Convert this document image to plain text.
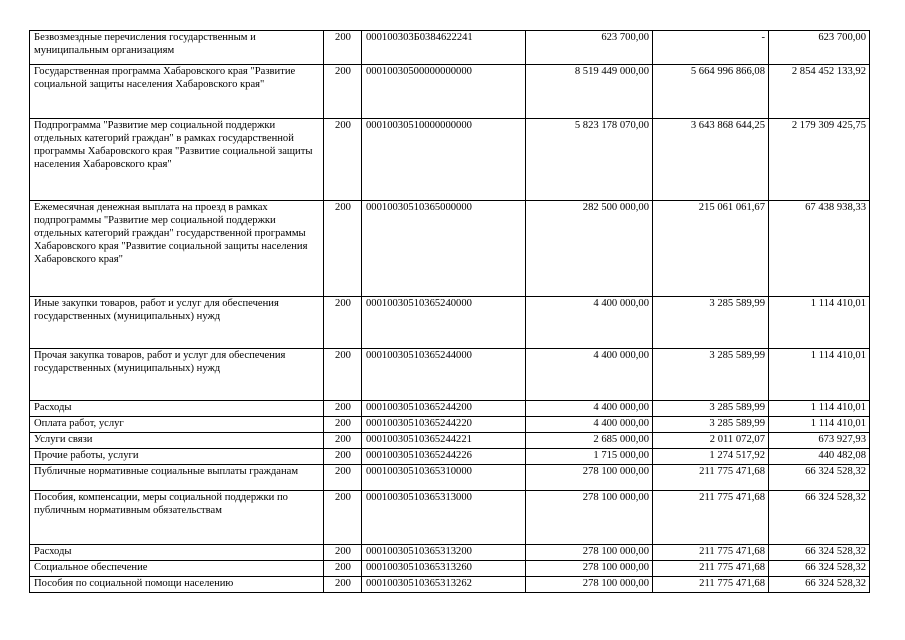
Безвозмездные перечисления государственным и муниципальным организациям	200	000100303Б0384622241	623 700,00	-	623 700,00
Государственная программа Хабаровского края "Развитие социальной защиты населения Хабаровского края"	200	00010030500000000000	8 519 449 000,00	5 664 996 866,08	2 854 452 133,92
Подпрограмма "Развитие мер социальной поддержки отдельных категорий граждан" в рамках государственной программы Хабаровского края "Развитие социальной защиты населения Хабаровского края"	200	00010030510000000000	5 823 178 070,00	3 643 868 644,25	2 179 309 425,75
Ежемесячная денежная выплата на проезд в рамках подпрограммы "Развитие мер социальной поддержки отдельных категорий граждан" государственной программы Хабаровского края "Развитие социальной защиты населения Хабаровского края"	200	00010030510365000000	282 500 000,00	215 061 061,67	67 438 938,33
Иные закупки товаров, работ и услуг для обеспечения государственных (муниципальных) нужд	200	00010030510365240000	4 400 000,00	3 285 589,99	1 114 410,01
Прочая закупка товаров, работ и услуг для обеспечения государственных (муниципальных) нужд	200	00010030510365244000	4 400 000,00	3 285 589,99	1 114 410,01
Расходы	200	00010030510365244200	4 400 000,00	3 285 589,99	1 114 410,01
Оплата работ, услуг	200	00010030510365244220	4 400 000,00	3 285 589,99	1 114 410,01
Услуги связи	200	00010030510365244221	2 685 000,00	2 011 072,07	673 927,93
Прочие работы, услуги	200	00010030510365244226	1 715 000,00	1 274 517,92	440 482,08
Публичные нормативные социальные выплаты гражданам	200	00010030510365310000	278 100 000,00	211 775 471,68	66 324 528,32
Пособия, компенсации, меры социальной поддержки по публичным нормативным обязательствам	200	00010030510365313000	278 100 000,00	211 775 471,68	66 324 528,32
Расходы	200	00010030510365313200	278 100 000,00	211 775 471,68	66 324 528,32
Социальное обеспечение	200	00010030510365313260	278 100 000,00	211 775 471,68	66 324 528,32
Пособия по социальной помощи населению	200	00010030510365313262	278 100 000,00	211 775 471,68	66 324 528,32
